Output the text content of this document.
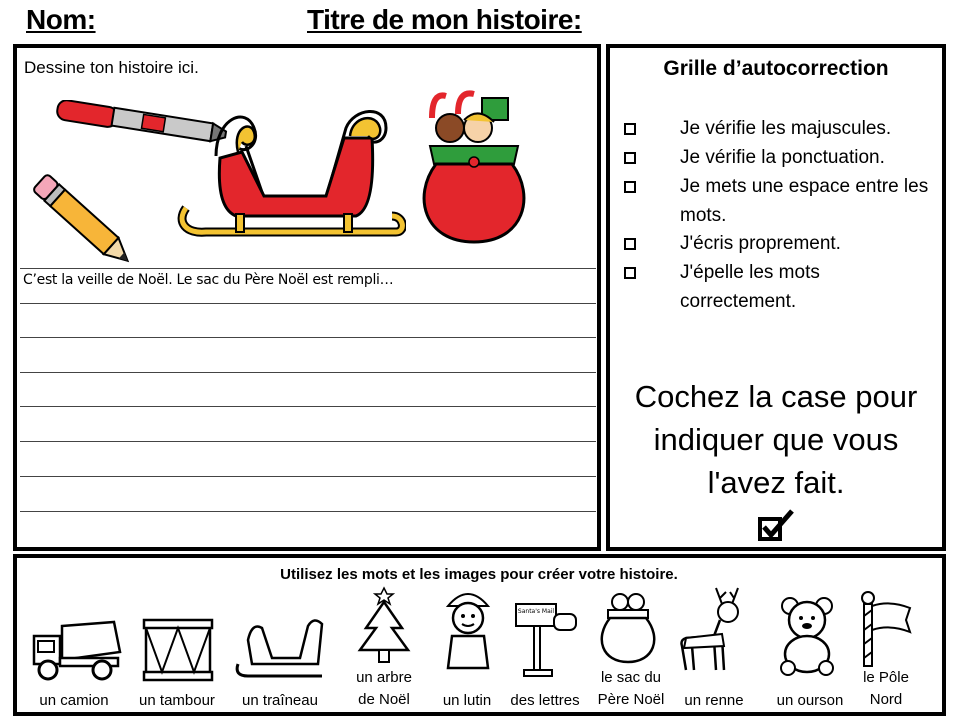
Nom:	Titre de mon histoire:
Dessine ton histoire ici.
C’est la veille de Noël. Le sac du Père Noël est rempli…
Grille d’autocorrection
Je vérifie les majuscules.
Je vérifie la ponctuation.
Je mets une espace entre les mots.
J'écris proprement.
J'épelle les mots correctement.
Cochez la case pour
indiquer que vous
l'avez fait.
Utilisez les mots et les images pour créer votre histoire.
un camion	un tambour	un traîneau
un arbre de Noël	un lutin
Santa's Mail
des lettres
le sac du Père Noël	un renne	un ourson
le Pôle Nord
